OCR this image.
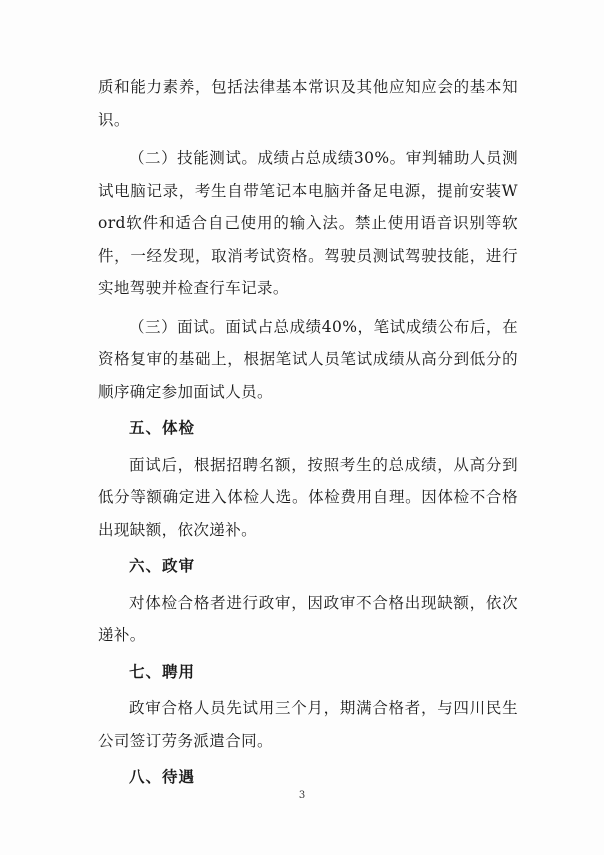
质和能力素养，包括法律基本常识及其他应知应会的基本知识。

（二）技能测试。成绩占总成绩30%。审判辅助人员测试电脑记录，考生自带笔记本电脑并备足电源，提前安装Word软件和适合自己使用的输入法。禁止使用语音识别等软件，一经发现，取消考试资格。驾驶员测试驾驶技能，进行实地驾驶并检查行车记录。

（三）面试。面试占总成绩40%，笔试成绩公布后，在资格复审的基础上，根据笔试人员笔试成绩从高分到低分的顺序确定参加面试人员。

五、体检

面试后，根据招聘名额，按照考生的总成绩，从高分到低分等额确定进入体检人选。体检费用自理。因体检不合格出现缺额，依次递补。

六、政审

对体检合格者进行政审，因政审不合格出现缺额，依次递补。

七、聘用

政审合格人员先试用三个月，期满合格者，与四川民生公司签订劳务派遣合同。

八、待遇
3
